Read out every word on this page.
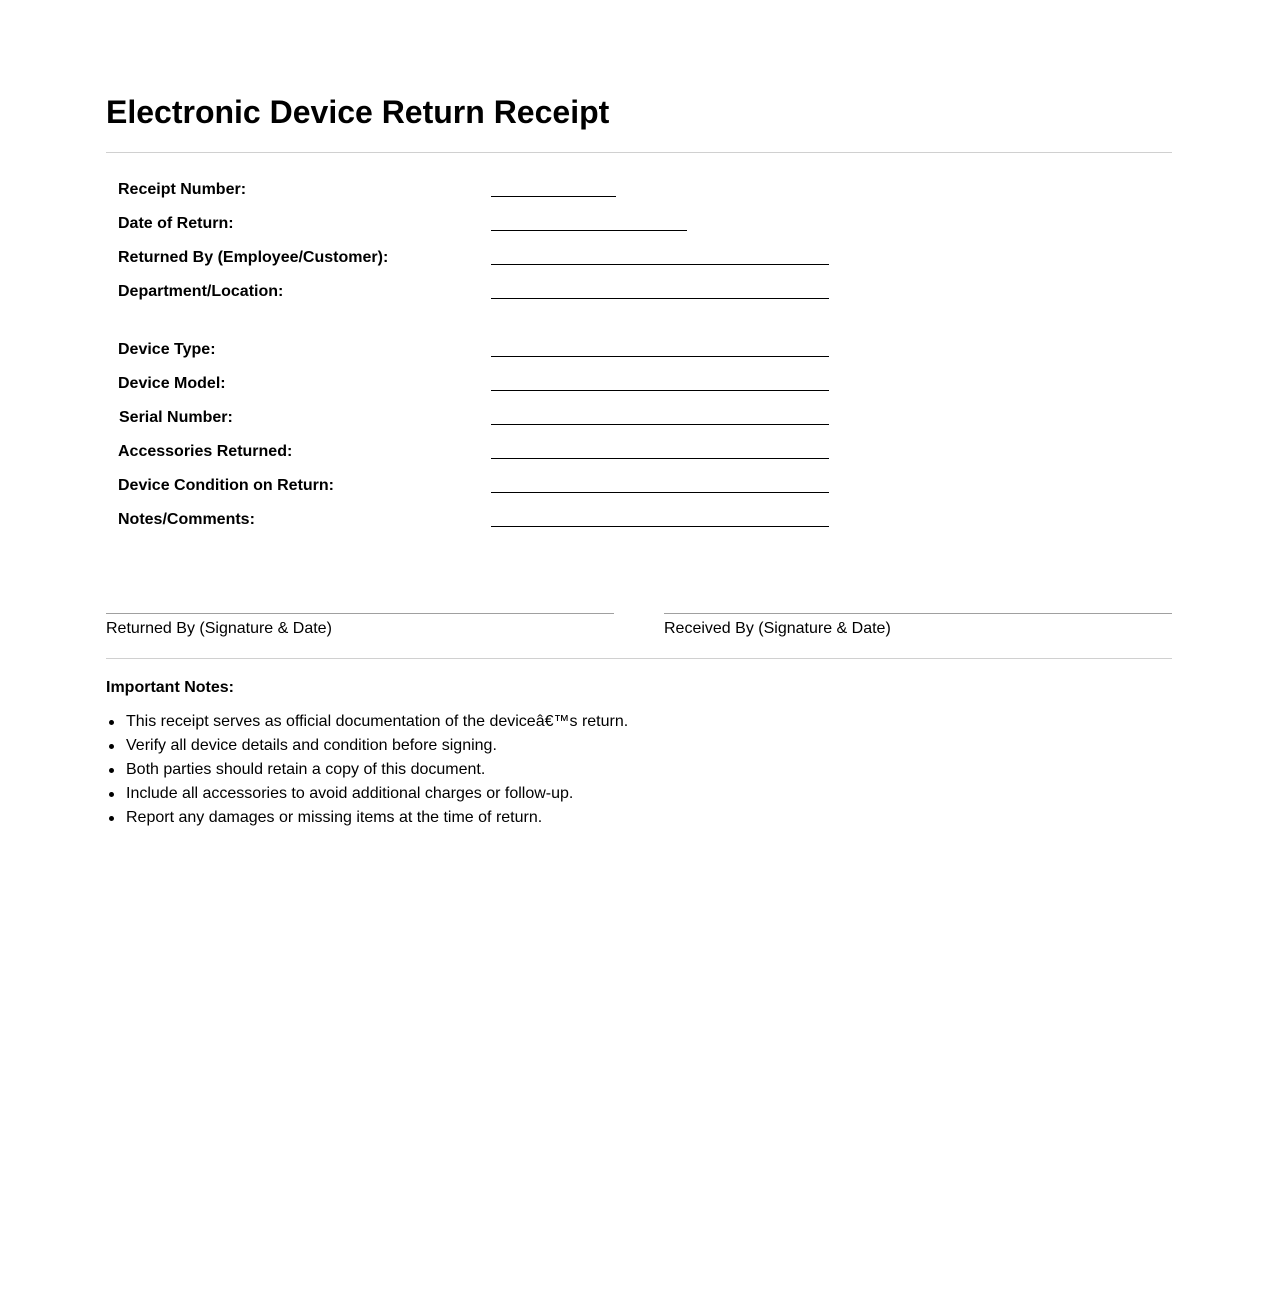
Electronic Device Return Receipt
Receipt Number:
Date of Return:
Returned By (Employee/Customer):
Department/Location:
Device Type:
Device Model:
Serial Number:
Accessories Returned:
Device Condition on Return:
Notes/Comments:
Returned By (Signature & Date)	Received By (Signature & Date)
Important Notes:
This receipt serves as official documentation of the deviceâ€™s return.
Verify all device details and condition before signing.
Both parties should retain a copy of this document.
Include all accessories to avoid additional charges or follow-up.
Report any damages or missing items at the time of return.
